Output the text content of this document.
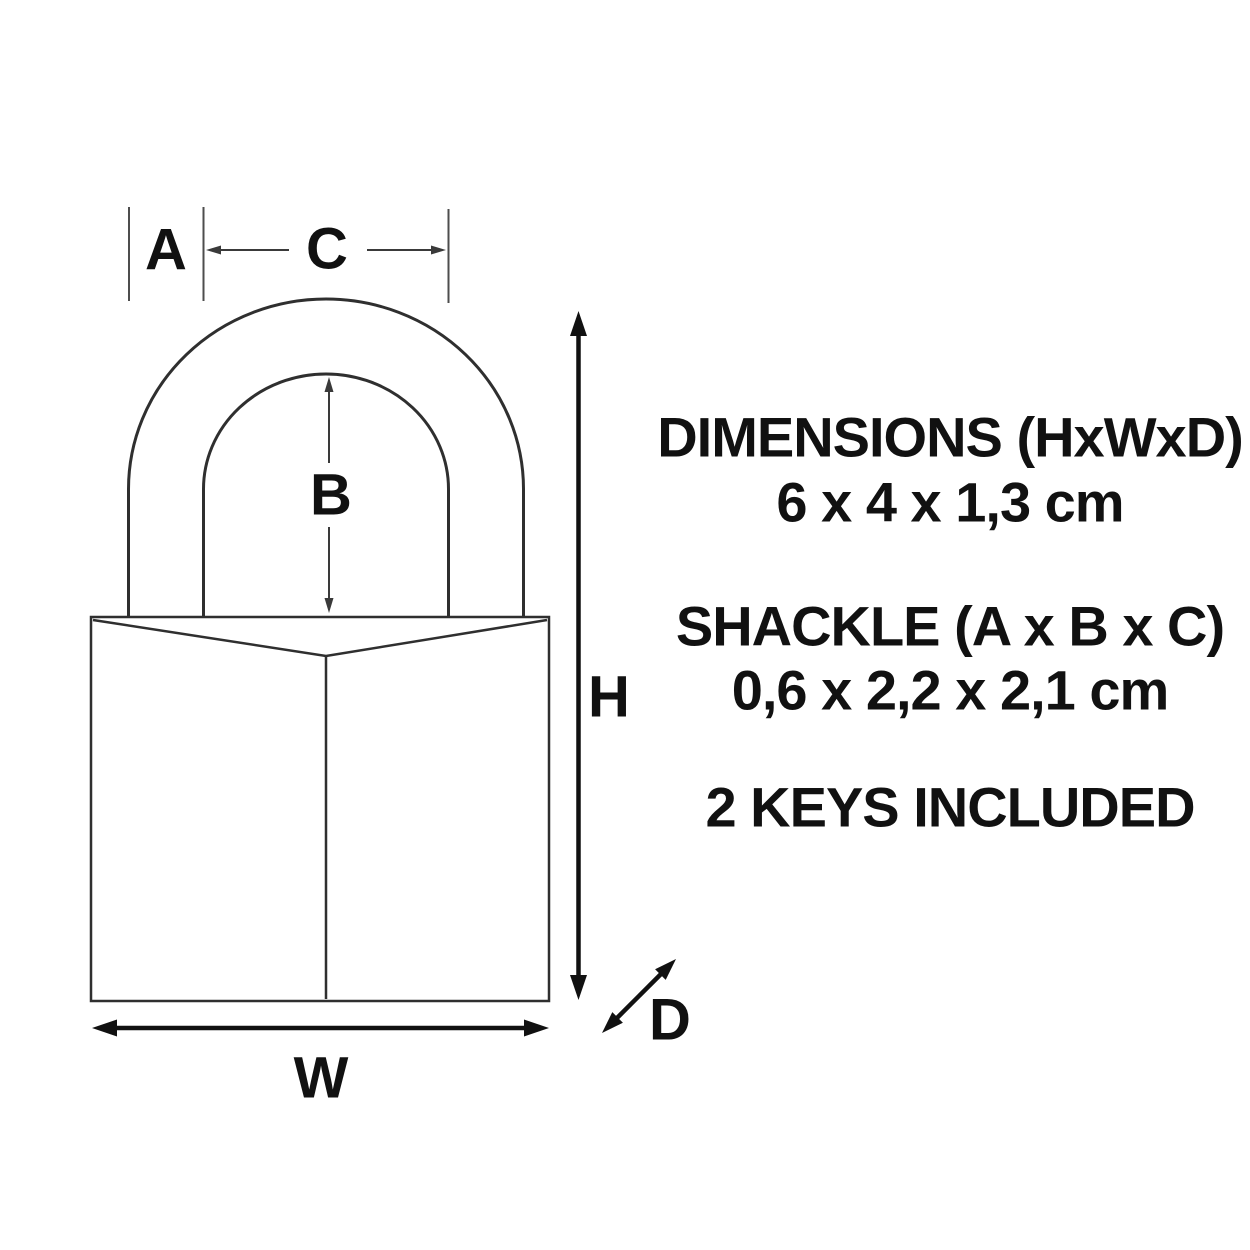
A C
B
H
W
D
DIMENSIONS (HxWxD)
6 x 4 x 1,3 cm
SHACKLE (A x B x C)
0,6 x 2,2 x 2,1 cm
2 KEYS INCLUDED
